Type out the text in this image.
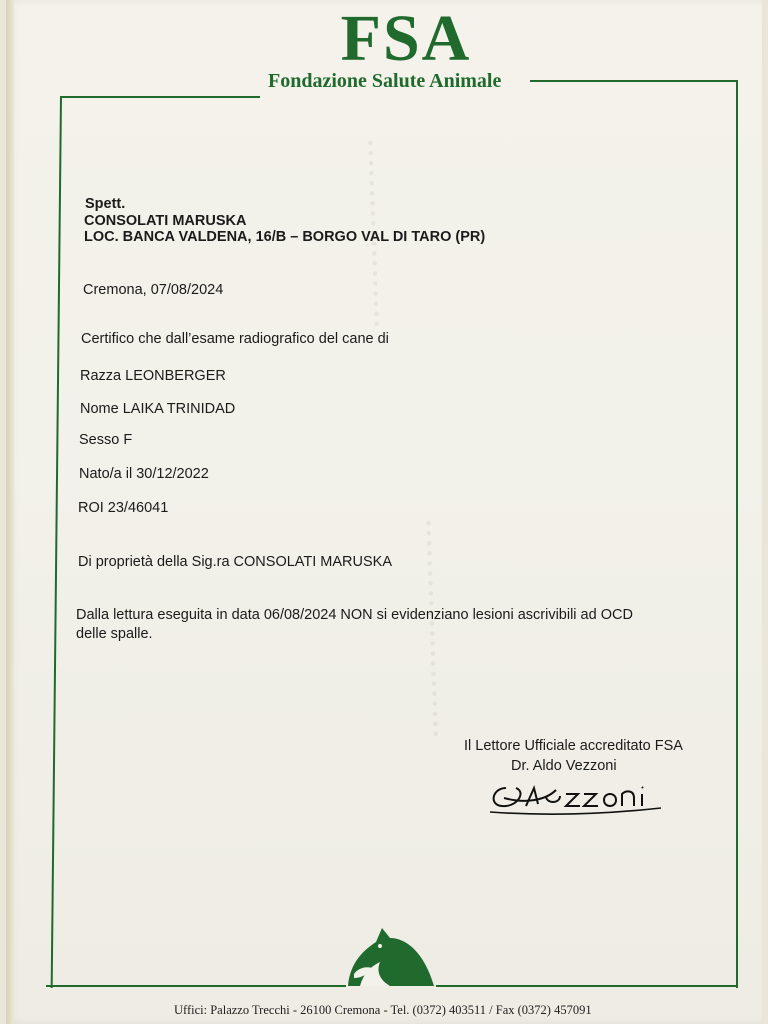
• • • • • • • • • • • • • • • • • • •
• • • • • • • • • • • • • • • • • • • • • •
FSA
Fondazione Salute Animale
Spett.
CONSOLATI MARUSKA
LOC. BANCA VALDENA, 16/B – BORGO VAL DI TARO (PR)
Cremona, 07/08/2024
Certifico che dall’esame radiografico del cane di
Razza LEONBERGER
Nome LAIKA TRINIDAD
Sesso F
Nato/a il 30/12/2022
ROI 23/46041
Di proprietà della Sig.ra CONSOLATI MARUSKA
Dalla lettura eseguita in data 06/08/2024 NON si evidenziano lesioni ascrivibili ad OCD
delle spalle.
Il Lettore Ufficiale accreditato FSA
Dr. Aldo Vezzoni
Uffici: Palazzo Trecchi - 26100 Cremona - Tel. (0372) 403511 / Fax (0372) 457091
